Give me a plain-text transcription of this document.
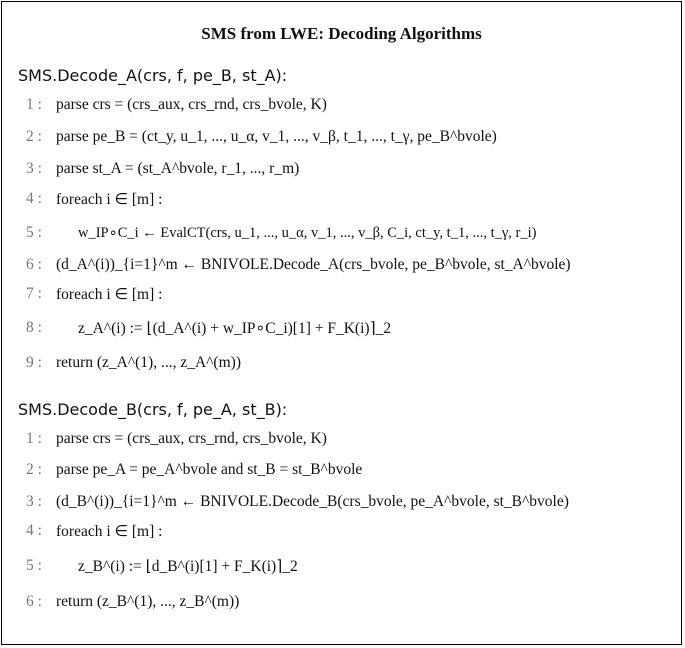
SMS from LWE: Decoding Algorithms
SMS.Decode_A(crs, f, pe_B, st_A):
1 : parse crs = (crs_aux, crs_rnd, crs_bvole, K)
2 : parse pe_B = (ct_y, u_1, ..., u_α, v_1, ..., v_β, t_1, ..., t_γ, pe_B^bvole)
3 : parse st_A = (st_A^bvole, r_1, ..., r_m)
4 : foreach i ∈ [m] :
5 :	w_IP∘C_i ← EvalCT(crs, u_1, ..., u_α, v_1, ..., v_β, C_i, ct_y, t_1, ..., t_γ, r_i)
6 : (d_A^(i))_{i=1}^m ← BNIVOLE.Decode_A(crs_bvole, pe_B^bvole, st_A^bvole)
7 : foreach i ∈ [m] :
8 :	z_A^(i) := ⌊(d_A^(i) + w_IP∘C_i)[1] + F_K(i)⌉_2
9 : return (z_A^(1), ..., z_A^(m))
SMS.Decode_B(crs, f, pe_A, st_B):
1 : parse crs = (crs_aux, crs_rnd, crs_bvole, K)
2 : parse pe_A = pe_A^bvole and st_B = st_B^bvole
3 : (d_B^(i))_{i=1}^m ← BNIVOLE.Decode_B(crs_bvole, pe_A^bvole, st_B^bvole)
4 : foreach i ∈ [m] :
5 :	z_B^(i) := ⌊d_B^(i)[1] + F_K(i)⌉_2
6 : return (z_B^(1), ..., z_B^(m))
